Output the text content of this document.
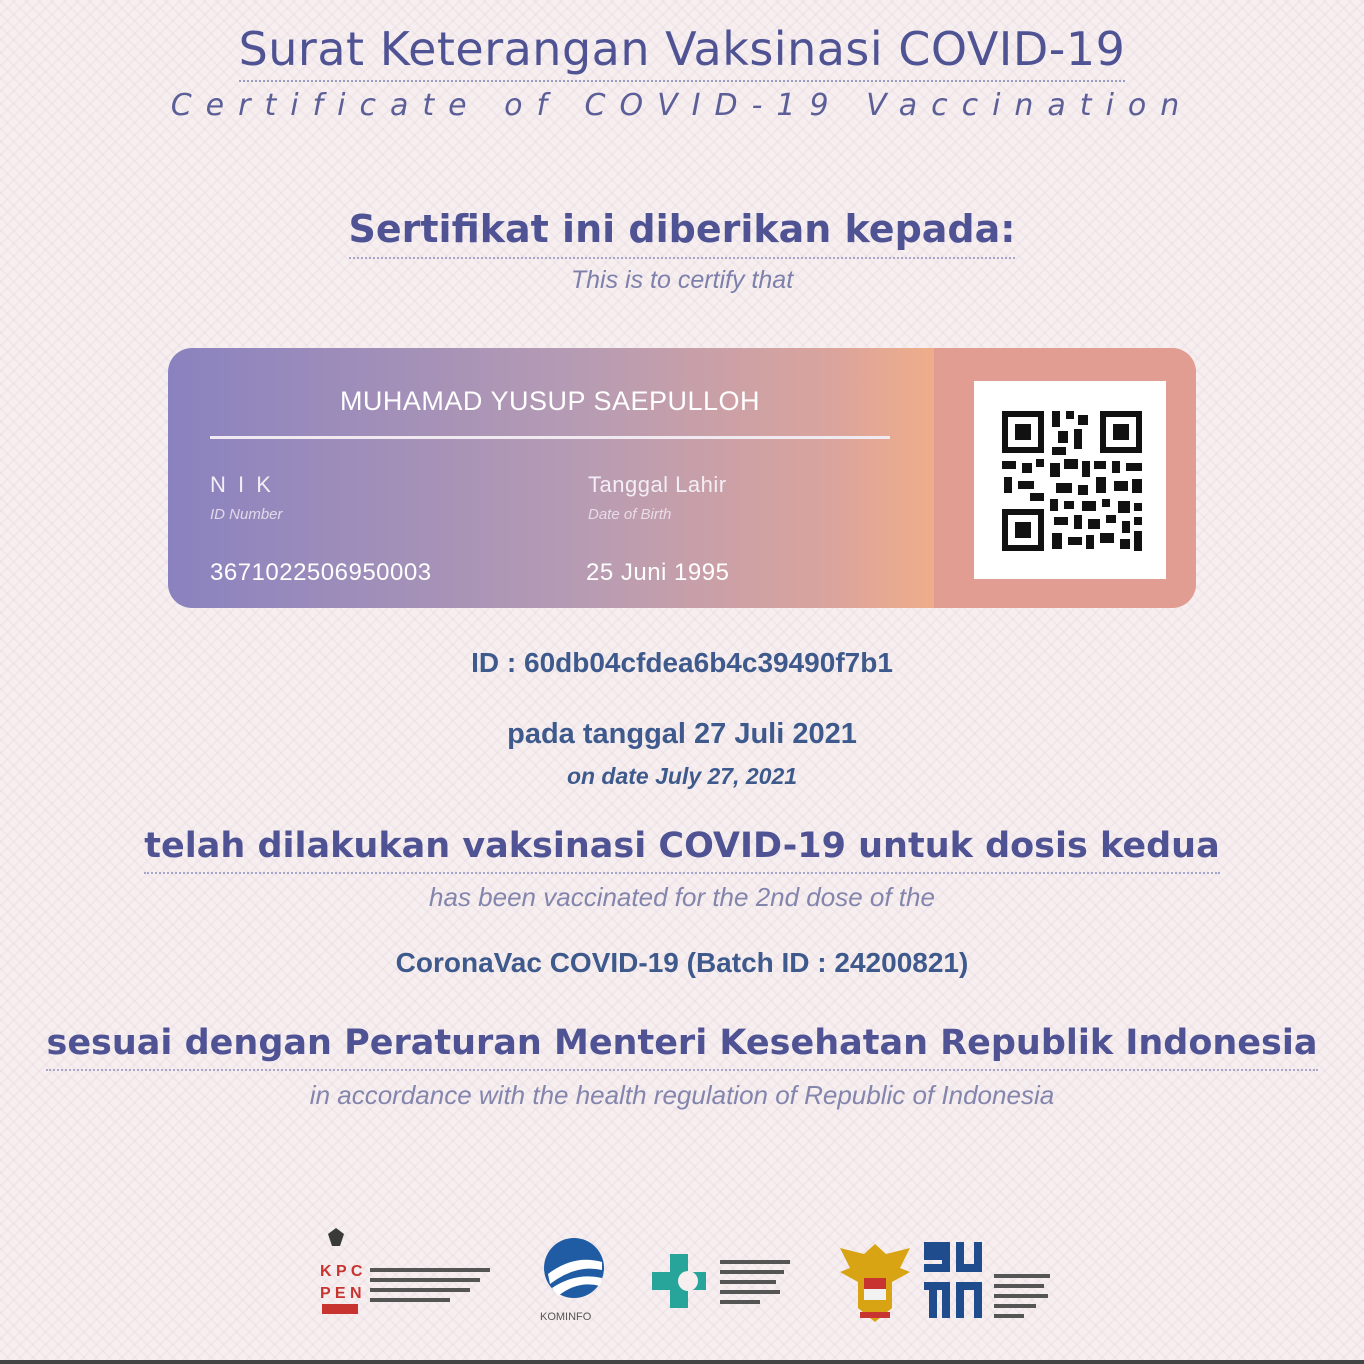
Surat Keterangan Vaksinasi COVID-19
Certificate of COVID-19 Vaccination
Sertifikat ini diberikan kepada:
This is to certify that
MUHAMAD YUSUP SAEPULLOH
N I K
ID Number
3671022506950003
Tanggal Lahir
Date of Birth
25 Juni 1995
ID : 60db04cfdea6b4c39490f7b1
pada tanggal 27 Juli 2021
on date July 27, 2021
telah dilakukan vaksinasi COVID-19 untuk dosis kedua
has been vaccinated for the 2nd dose of the
CoronaVac COVID-19 (Batch ID : 24200821)
sesuai dengan Peraturan Menteri Kesehatan Republik Indonesia
in accordance with the health regulation of Republic of Indonesia
K P C
P E N
KOMINFO
